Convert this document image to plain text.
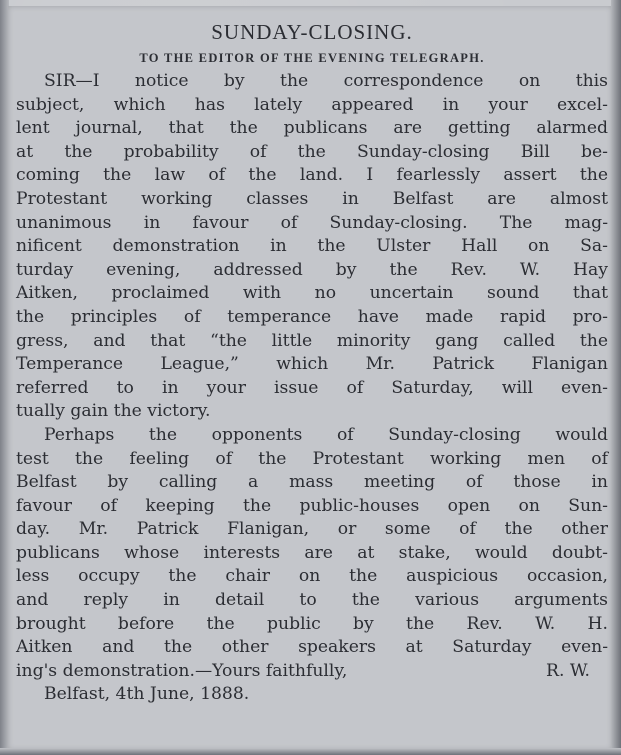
SUNDAY-CLOSING.
TO THE EDITOR OF THE EVENING TELEGRAPH.
SIR—I notice by the correspondence on this
subject, which has lately appeared in your excel-
lent journal, that the publicans are getting alarmed
at the probability of the Sunday-closing Bill be-
coming the law of the land. I fearlessly assert the
Protestant working classes in Belfast are almost
unanimous in favour of Sunday-closing. The mag-
nificent demonstration in the Ulster Hall on Sa-
turday evening, addressed by the Rev. W. Hay
Aitken, proclaimed with no uncertain sound that
the principles of temperance have made rapid pro-
gress, and that “the little minority gang called the
Temperance League,” which Mr. Patrick Flanigan
referred to in your issue of Saturday, will even-
tually gain the victory.
Perhaps the opponents of Sunday-closing would
test the feeling of the Protestant working men of
Belfast by calling a mass meeting of those in
favour of keeping the public-houses open on Sun-
day. Mr. Patrick Flanigan, or some of the other
publicans whose interests are at stake, would doubt-
less occupy the chair on the auspicious occasion,
and reply in detail to the various arguments
brought before the public by the Rev. W. H.
Aitken and the other speakers at Saturday even-
ing's demonstration.—Yours faithfully,	R. W.
Belfast, 4th June, 1888.
